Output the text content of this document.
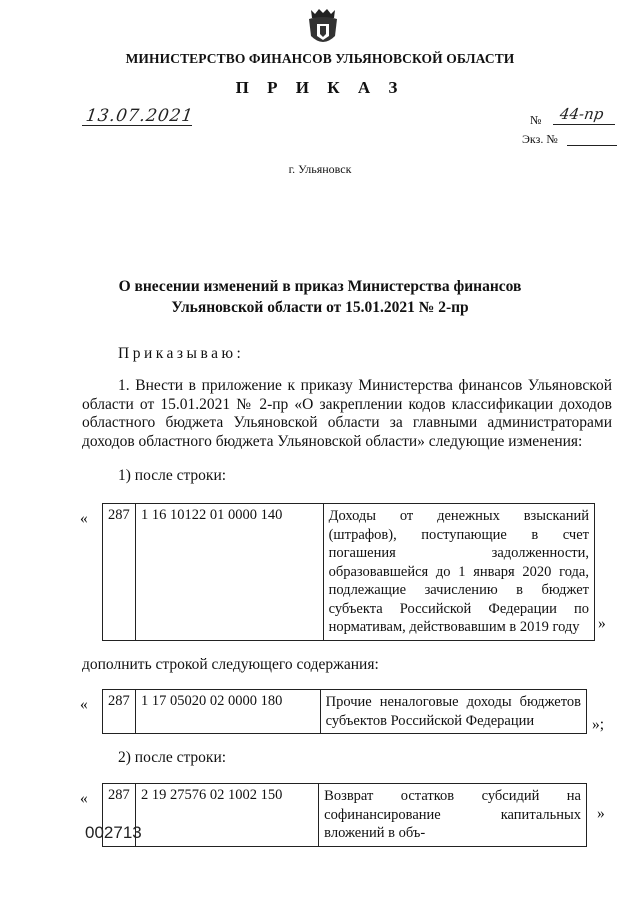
МИНИСТЕРСТВО ФИНАНСОВ УЛЬЯНОВСКОЙ ОБЛАСТИ
П Р И К А З
13.07.2021	№ 44-пр
Экз. №
г. Ульяновск
О внесении изменений в приказ Министерства финансов
Ульяновской области от 15.01.2021 № 2-пр
Приказываю:
1. Внести в приложение к приказу Министерства финансов Ульяновской области от 15.01.2021 № 2-пр «О закреплении кодов классификации доходов областного бюджета Ульяновской области за главными администраторами доходов областного бюджета Ульяновской области» следующие изменения:
1) после строки:
« 287	1 16 10122 01 0000 140	Доходы от денежных взысканий (штрафов), поступающие в счет погашения задолженности, образовавшейся до 1 января 2020 года, подлежащие зачислению в бюджет субъекта Российской Федерации по нормативам, действовавшим в 2019 году »
дополнить строкой следующего содержания:
« 287	1 17 05020 02 0000 180	Прочие неналоговые доходы бюджетов субъектов Российской Федерации	»;
2) после строки:
« 287	2 19 27576 02 1002 150	Возврат остатков субсидий на софинансирование капитальных вложений в объ-
»
002713
